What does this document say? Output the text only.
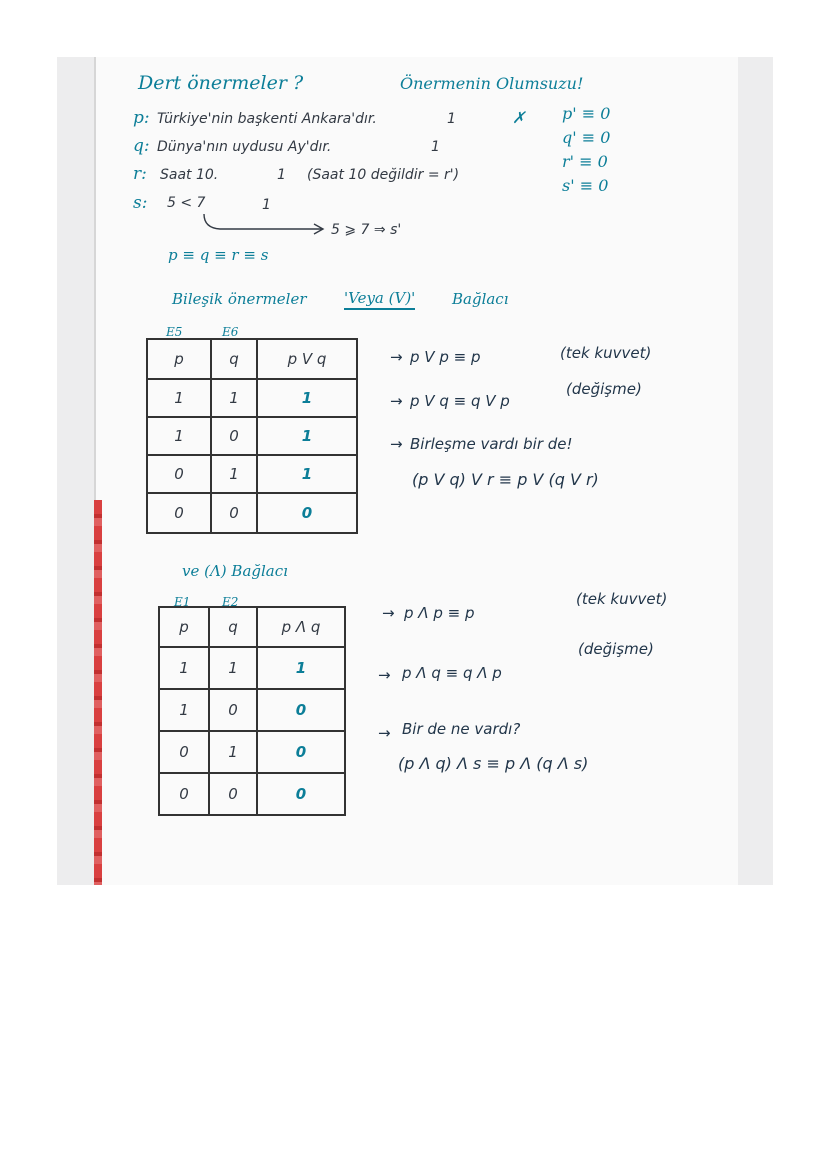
Dert önermeler ?	Önermenin Olumsuzu!
p: Türkiye'nin başkenti Ankara'dır.	1
q: Dünya'nın uydusu Ay'dır.	1
r: Saat 10.	1 (Saat 10 değildir = r')
s: 5 < 7	1
5 ⩾ 7 ⇒ s'
p ≡ q ≡ r ≡ s
✗ p' ≡ 0
q' ≡ 0
r' ≡ 0
s' ≡ 0
Bileşik önermeler 'Veya (V)' Bağlacı
E5	E6
p	q	p V q
1	1	1
1	0	1
0	1	1
0	0	0
→ p V p ≡ p	(tek kuvvet)
→ p V q ≡ q V p
(değişme)
→ Birleşme vardı bir de!
(p V q) V r ≡ p V (q V r)
ve (Λ) Bağlacı
E1	E2
p	q	p Λ q
1	1	1
1	0	0
0	1	0
0	0	0
→ p Λ p ≡ p
(tek kuvvet)
→ p Λ q ≡ q Λ p
(değişme)
→ Bir de ne vardı?
(p Λ q) Λ s ≡ p Λ (q Λ s)
